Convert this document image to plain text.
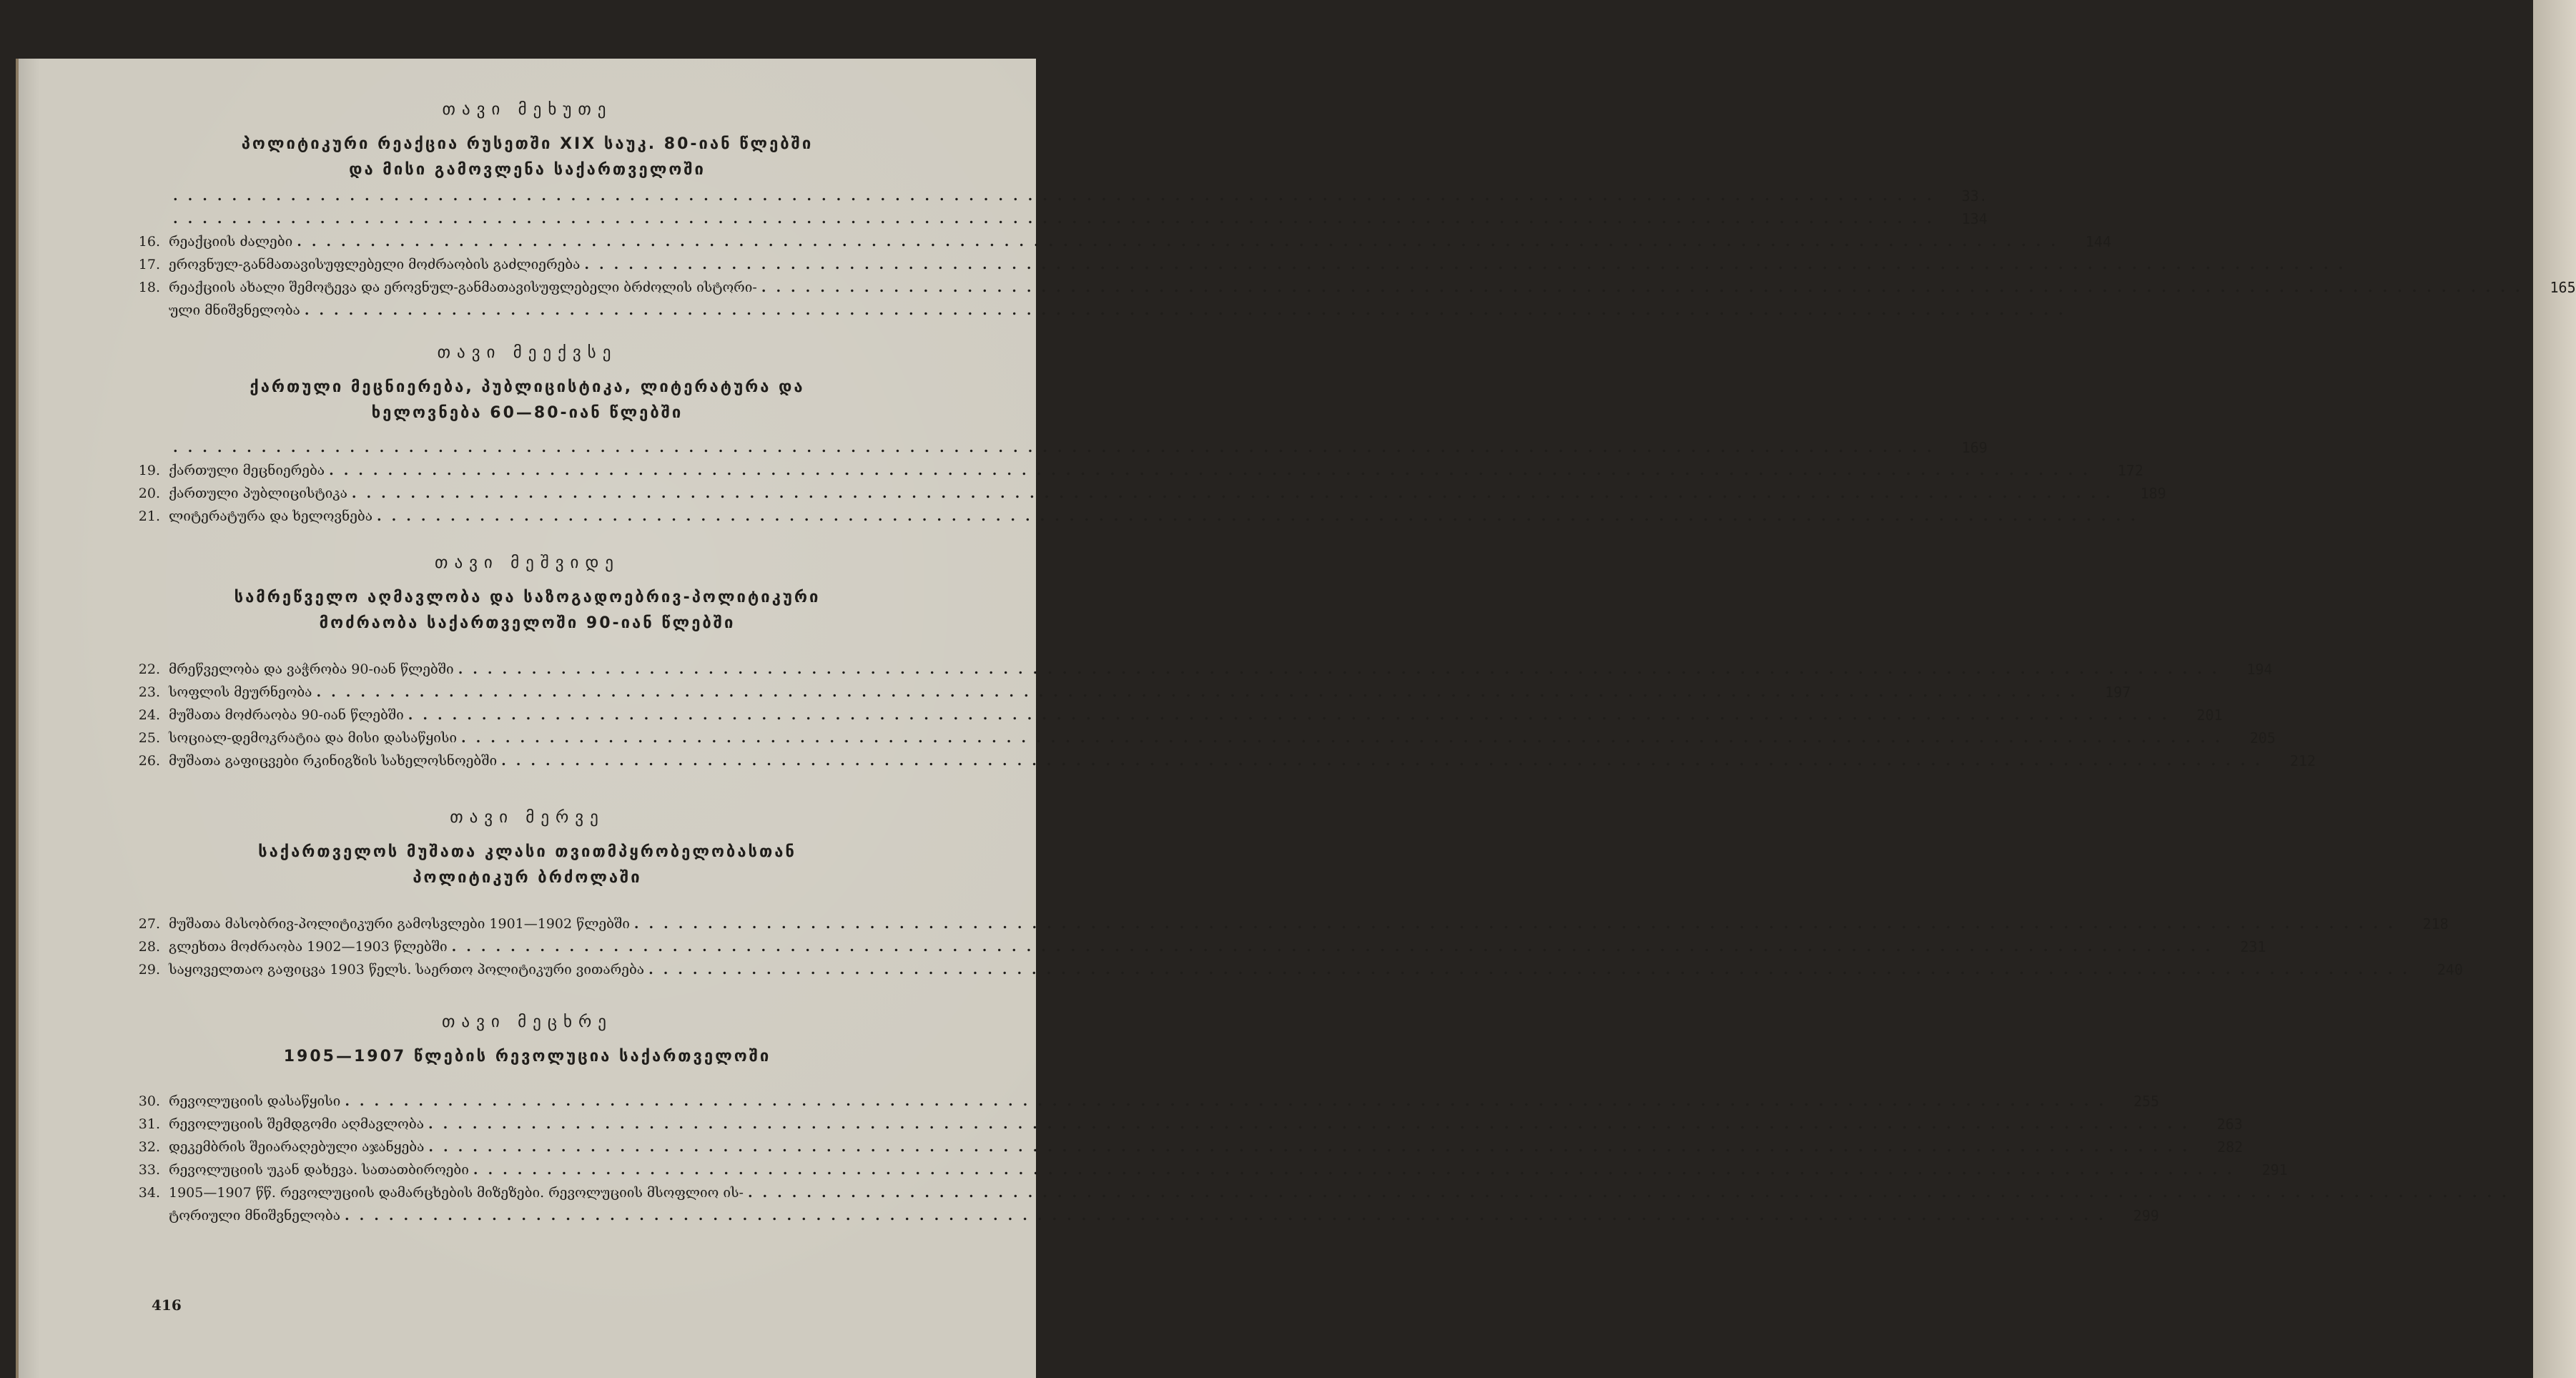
თავი მეხუთე
პოლიტიკური რეაქცია რუსეთში XIX საუკ. 80-იან წლებში
და მისი გამოვლენა საქართველოში
........................................................................................................................	33.
........................................................................................................................	134
16. რეაქციის ძალები ........................................................................................................................	144
17. ეროვნულ-განმათავისუფლებელი მოძრაობის გაძლიერება ........................................................................................................................
18. რეაქციის ახალი შემოტევა და ეროვნულ-განმათავისუფლებელი ბრძოლის ისტორი- ........................................................................................................................	165
ული მნიშვნელობა ........................................................................................................................
თავი მეექვსე
ქართული მეცნიერება, პუბლიცისტიკა, ლიტერატურა და
ხელოვნება 60—80-იან წლებში
........................................................................................................................	169
19. ქართული მეცნიერება ........................................................................................................................	172
20. ქართული პუბლიცისტიკა ........................................................................................................................	189
21. ლიტერატურა და ხელოვნება ........................................................................................................................
თავი მეშვიდე
სამრეწველო აღმავლობა და საზოგადოებრივ-პოლიტიკური
მოძრაობა საქართველოში 90-იან წლებში
22. მრეწველობა და ვაჭრობა 90-იან წლებში ........................................................................................................................	194
23. სოფლის მეურნეობა ........................................................................................................................	197
24. მუშათა მოძრაობა 90-იან წლებში ........................................................................................................................	201
25. სოციალ-დემოკრატია და მისი დასაწყისი ........................................................................................................................	205
26. მუშათა გაფიცვები რკინიგზის სახელოსნოებში ........................................................................................................................	212
თავი მერვე
საქართველოს მუშათა კლასი თვითმპყრობელობასთან
პოლიტიკურ ბრძოლაში
27. მუშათა მასობრივ-პოლიტიკური გამოსვლები 1901—1902 წლებში ........................................................................................................................	218
28. გლეხთა მოძრაობა 1902—1903 წლებში ........................................................................................................................	231
29. საყოველთაო გაფიცვა 1903 წელს. საერთო პოლიტიკური ვითარება ........................................................................................................................	240
თავი მეცხრე
1905—1907 წლების რევოლუცია საქართველოში
30. რევოლუციის დასაწყისი ........................................................................................................................	255
31. რევოლუციის შემდგომი აღმავლობა ........................................................................................................................	263
32. დეკემბრის შეიარაღებული აჯანყება ........................................................................................................................	282
33. რევოლუციის უკან დახევა. სათათბიროები ........................................................................................................................	291
34. 1905—1907 წწ. რევოლუციის დამარცხების მიზეზები. რევოლუციის მსოფლიო ის- ........................................................................................................................
ტორიული მნიშვნელობა ........................................................................................................................	299
416
